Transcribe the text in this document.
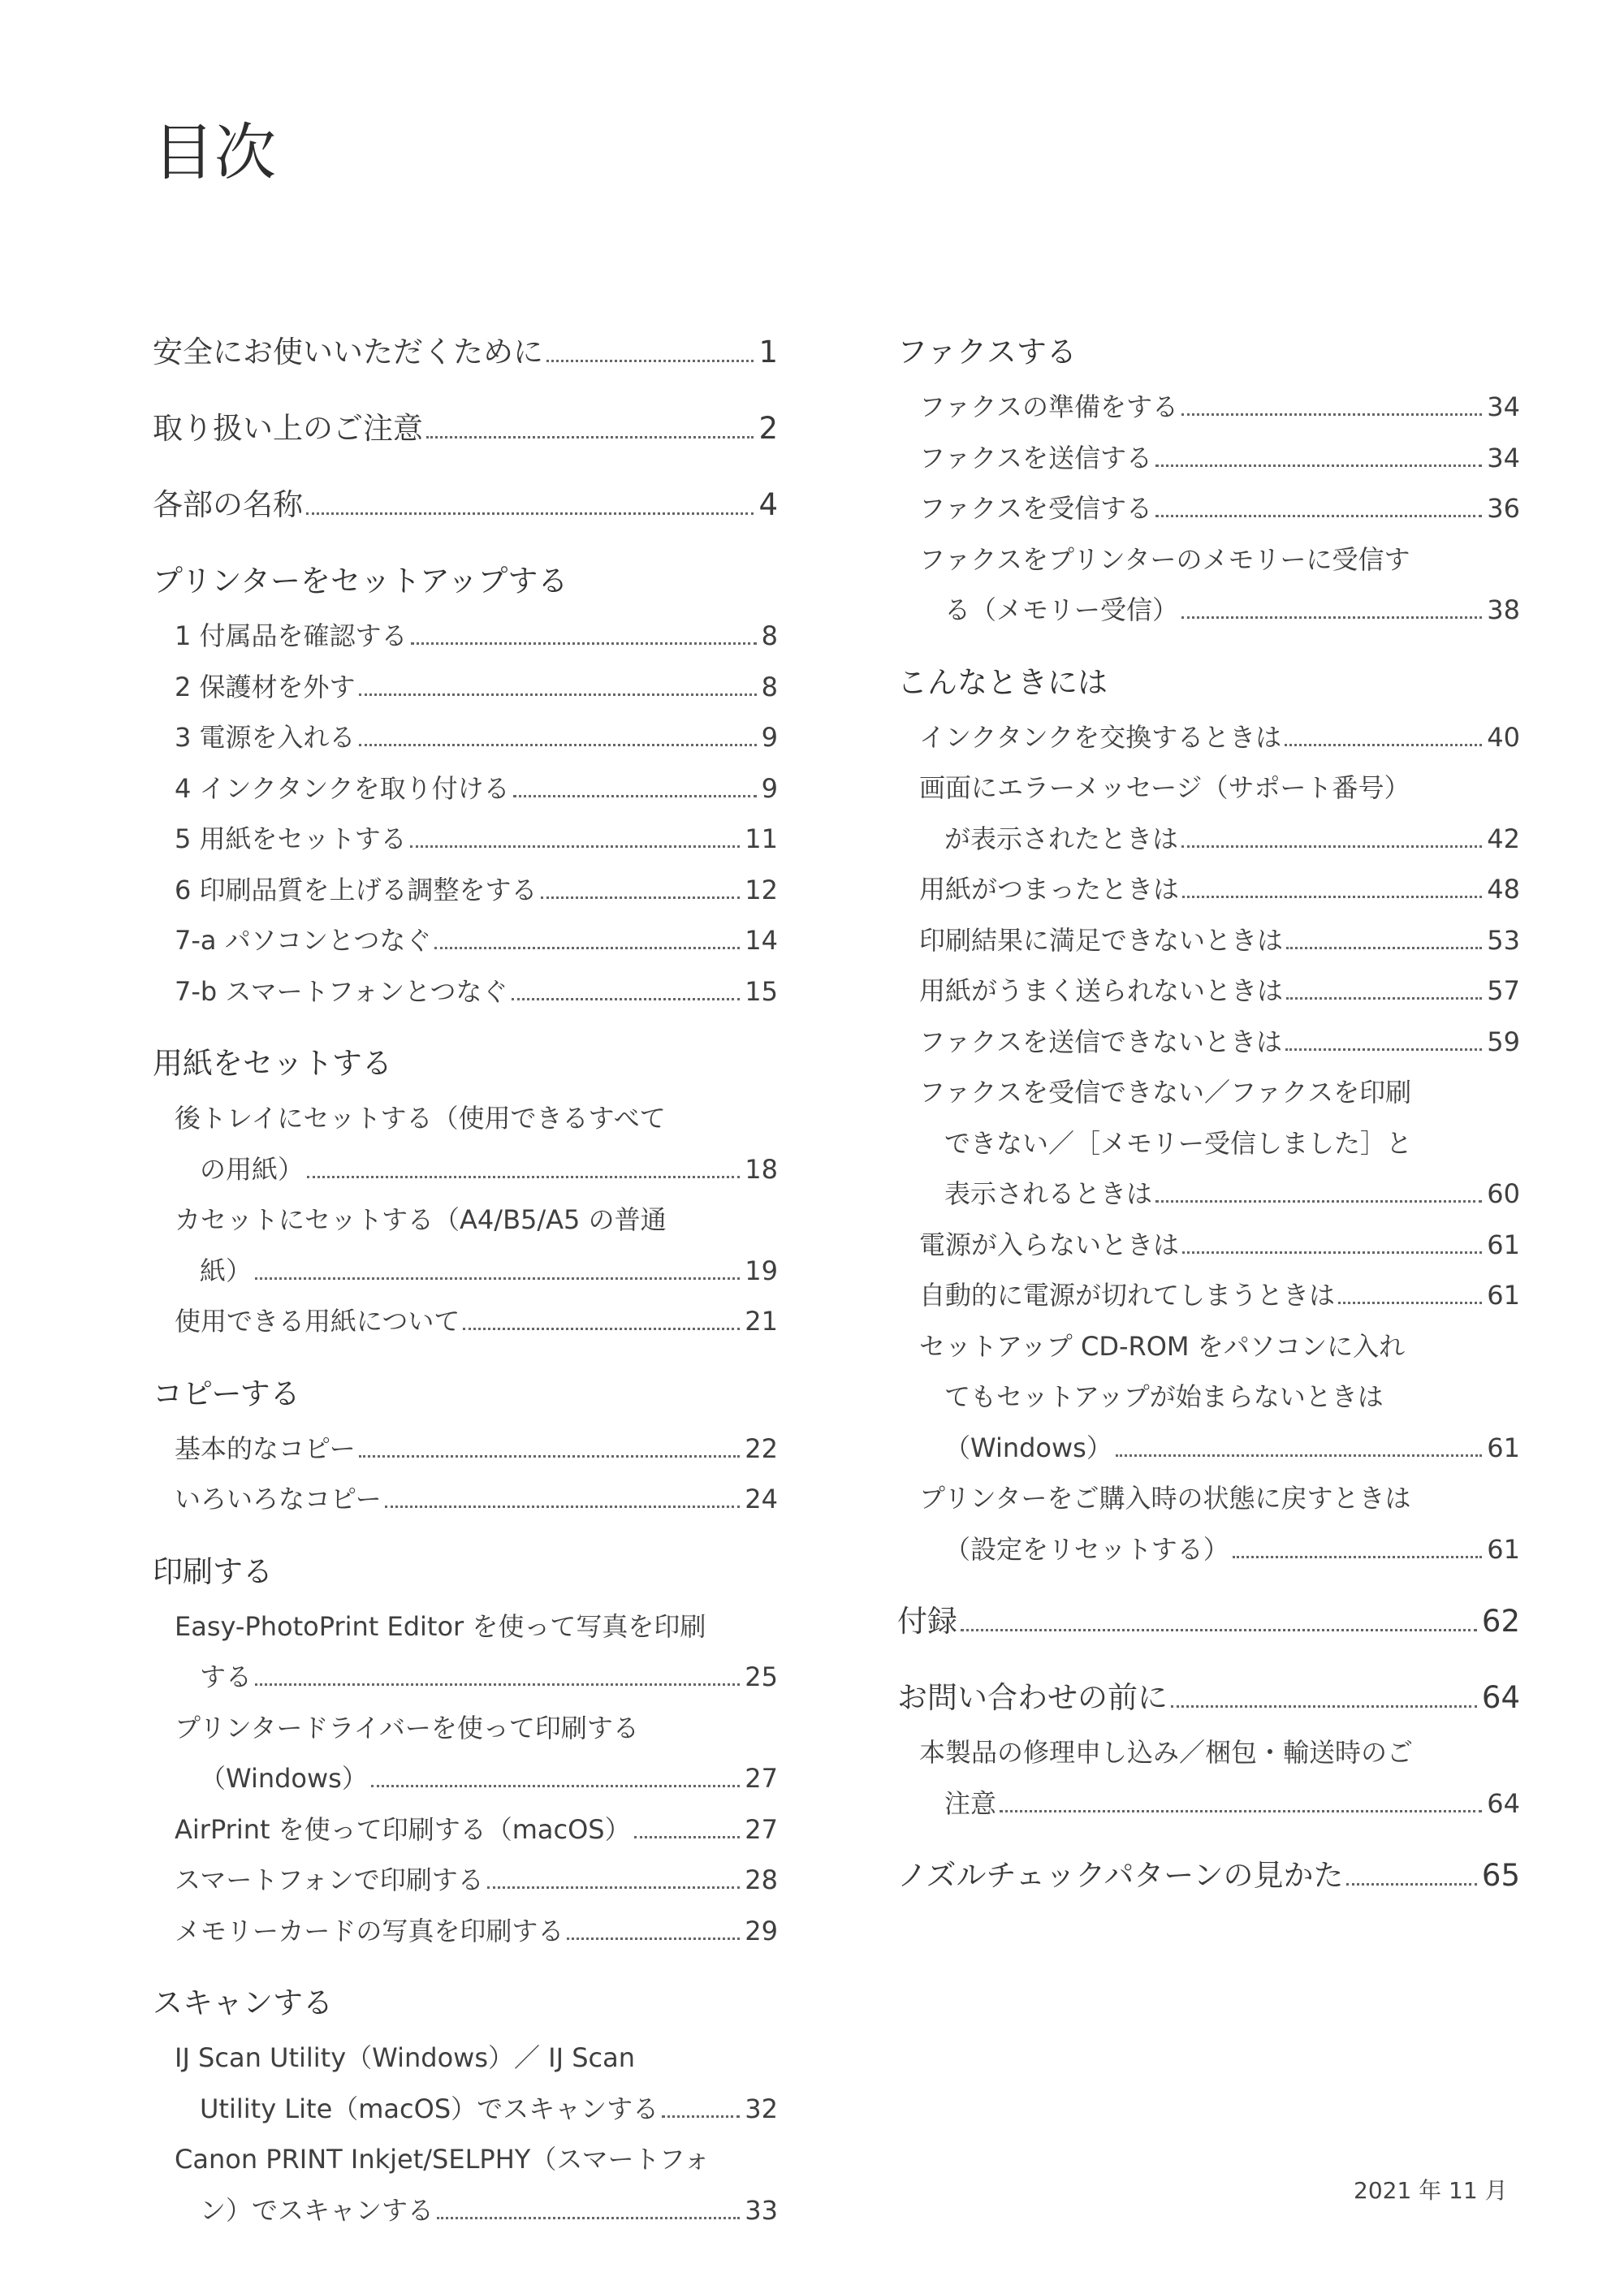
目次
安全にお使いいただくために	1
取り扱い上のご注意	2
各部の名称	4
プリンターをセットアップする
1 付属品を確認する	8
2 保護材を外す	8
3 電源を入れる	9
4 インクタンクを取り付ける	9
5 用紙をセットする	11
6 印刷品質を上げる調整をする	12
7-a パソコンとつなぐ	14
7-b スマートフォンとつなぐ	15
用紙をセットする
後トレイにセットする（使用できるすべて
の用紙）	18
カセットにセットする（A4/B5/A5 の普通
紙）	19
使用できる用紙について	21
コピーする
基本的なコピー	22
いろいろなコピー	24
印刷する
Easy-PhotoPrint Editor を使って写真を印刷
する	25
プリンタードライバーを使って印刷する
（Windows）	27
AirPrint を使って印刷する（macOS）	27
スマートフォンで印刷する	28
メモリーカードの写真を印刷する	29
スキャンする
IJ Scan Utility（Windows）／ IJ Scan
Utility Lite（macOS）でスキャンする	32
Canon PRINT Inkjet/SELPHY（スマートフォ
ン）でスキャンする	33
ファクスする
ファクスの準備をする	34
ファクスを送信する	34
ファクスを受信する	36
ファクスをプリンターのメモリーに受信す
る（メモリー受信）	38
こんなときには
インクタンクを交換するときは	40
画面にエラーメッセージ（サポート番号）
が表示されたときは	42
用紙がつまったときは	48
印刷結果に満足できないときは	53
用紙がうまく送られないときは	57
ファクスを送信できないときは	59
ファクスを受信できない／ファクスを印刷
できない／［メモリー受信しました］と
表示されるときは	60
電源が入らないときは	61
自動的に電源が切れてしまうときは	61
セットアップ CD-ROM をパソコンに入れ
てもセットアップが始まらないときは
（Windows）	61
プリンターをご購入時の状態に戻すときは
（設定をリセットする）	61
付録	62
お問い合わせの前に	64
本製品の修理申し込み／梱包・輸送時のご
注意	64
ノズルチェックパターンの見かた	65
2021 年 11 月
